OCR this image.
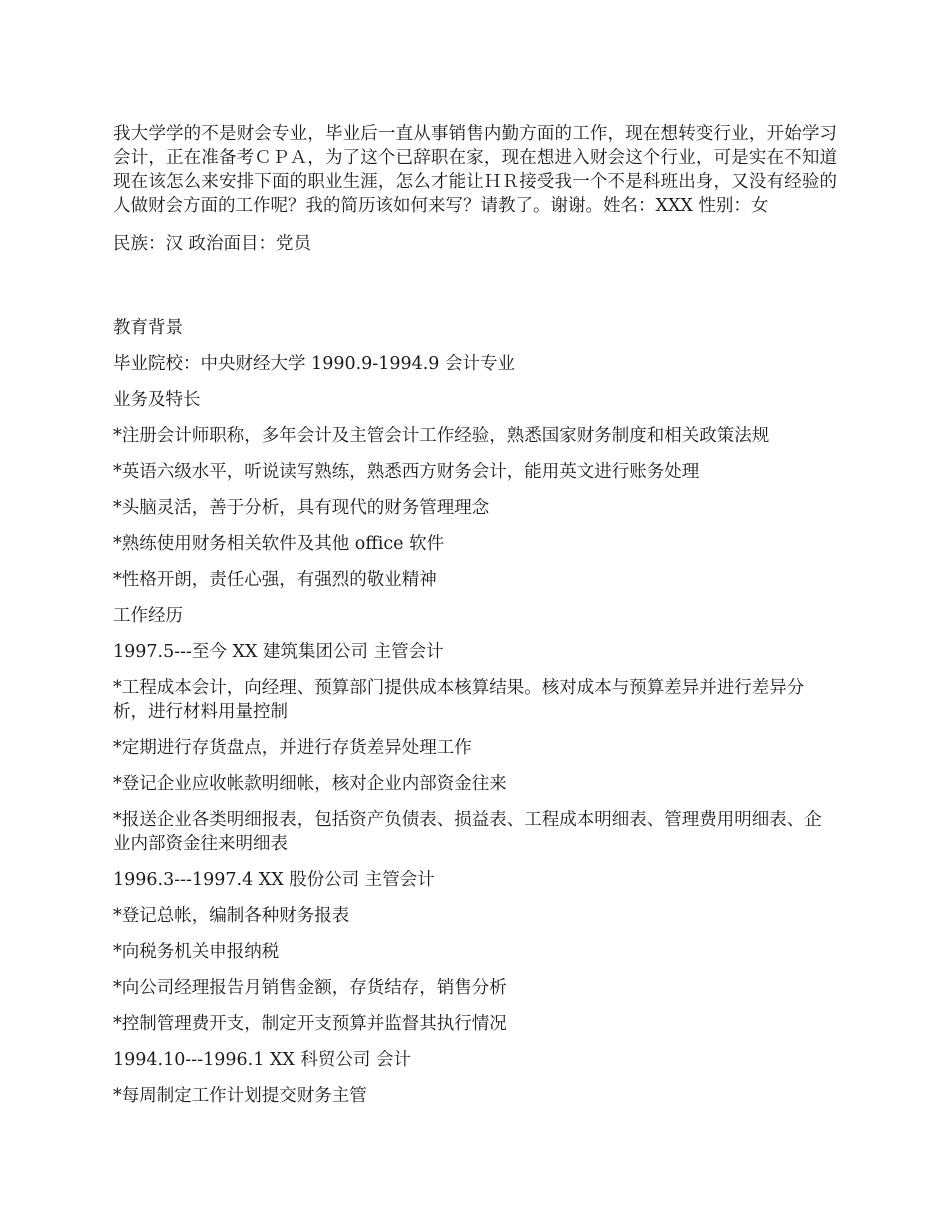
我大学学的不是财会专业，毕业后一直从事销售内勤方面的工作，现在想转变行业，开始学习会计，正在准备考ＣＰＡ，为了这个已辞职在家，现在想进入财会这个行业，可是实在不知道现在该怎么来安排下面的职业生涯，怎么才能让ＨＲ接受我一个不是科班出身，又没有经验的人做财会方面的工作呢？我的简历该如何来写？请教了。谢谢。姓名：XXX 性别：女

民族：汉 政治面目：党员

教育背景

毕业院校：中央财经大学 1990.9-1994.9 会计专业

业务及特长

*注册会计师职称，多年会计及主管会计工作经验，熟悉国家财务制度和相关政策法规

*英语六级水平，听说读写熟练，熟悉西方财务会计，能用英文进行账务处理

*头脑灵活，善于分析，具有现代的财务管理理念

*熟练使用财务相关软件及其他 office 软件

*性格开朗，责任心强，有强烈的敬业精神

工作经历

1997.5---至今 XX 建筑集团公司 主管会计

*工程成本会计，向经理、预算部门提供成本核算结果。核对成本与预算差异并进行差异分析，进行材料用量控制

*定期进行存货盘点，并进行存货差异处理工作

*登记企业应收帐款明细帐，核对企业内部资金往来

*报送企业各类明细报表，包括资产负债表、损益表、工程成本明细表、管理费用明细表、企业内部资金往来明细表

1996.3---1997.4 XX 股份公司 主管会计

*登记总帐，编制各种财务报表

*向税务机关申报纳税

*向公司经理报告月销售金额，存货结存，销售分析

*控制管理费开支，制定开支预算并监督其执行情况

1994.10---1996.1 XX 科贸公司 会计

*每周制定工作计划提交财务主管
